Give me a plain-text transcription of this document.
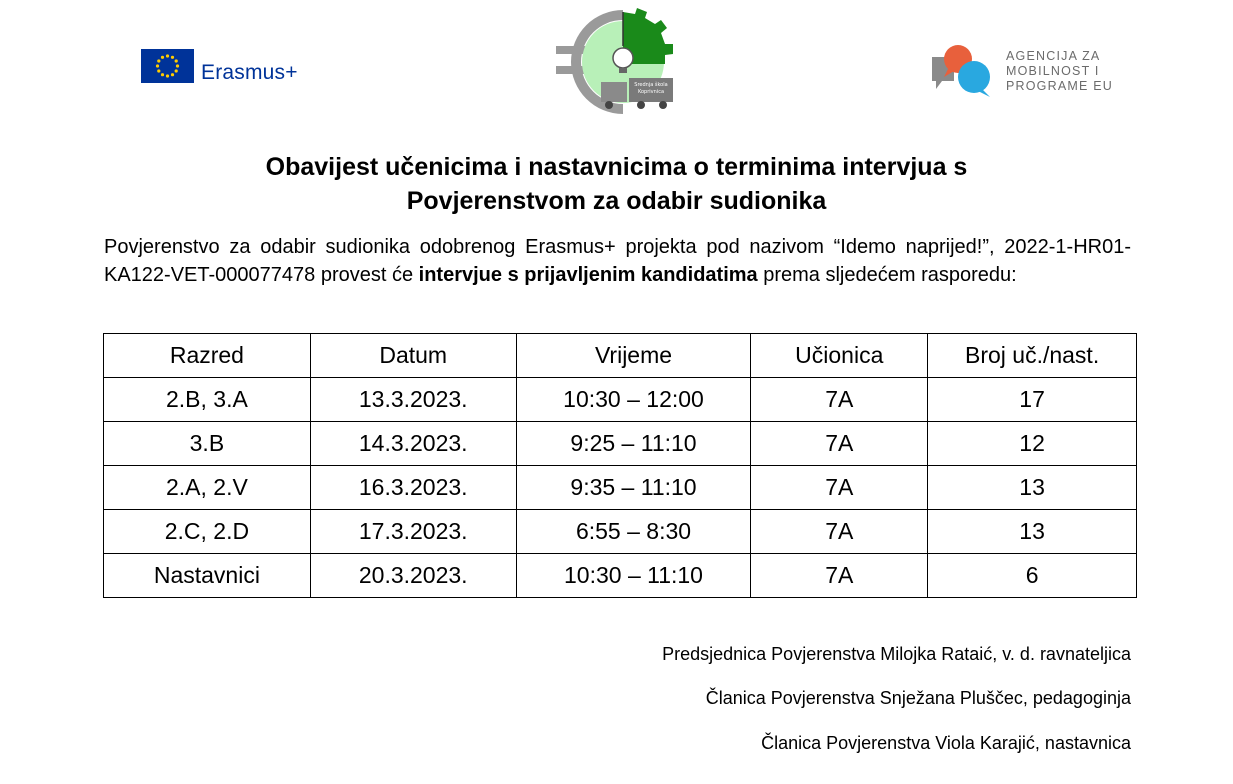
Erasmus+
Srednja škola
Koprivnica
AGENCIJA ZA
MOBILNOST I
PROGRAME EU
Obavijest učenicima i nastavnicima o terminima intervjua s
Povjerenstvom za odabir sudionika

Povjerenstvo za odabir sudionika odobrenog Erasmus+ projekta pod nazivom “Idemo naprijed!”, 2022-1-HR01-KA122-VET-000077478 provest će intervjue s prijavljenim kandidatima prema sljedećem rasporedu:

Razred	Datum	Vrijeme	Učionica	Broj uč./nast.
2.B, 3.A	13.3.2023.	10:30 – 12:00	7A	17
3.B	14.3.2023.	9:25 – 11:10	7A	12
2.A, 2.V	16.3.2023.	9:35 – 11:10	7A	13
2.C, 2.D	17.3.2023.	6:55 – 8:30	7A	13
Nastavnici	20.3.2023.	10:30 – 11:10	7A	6
Predsjednica Povjerenstva Milojka Rataić, v. d. ravnateljica
Članica Povjerenstva Snježana Pluščec, pedagoginja
Članica Povjerenstva Viola Karajić, nastavnica
